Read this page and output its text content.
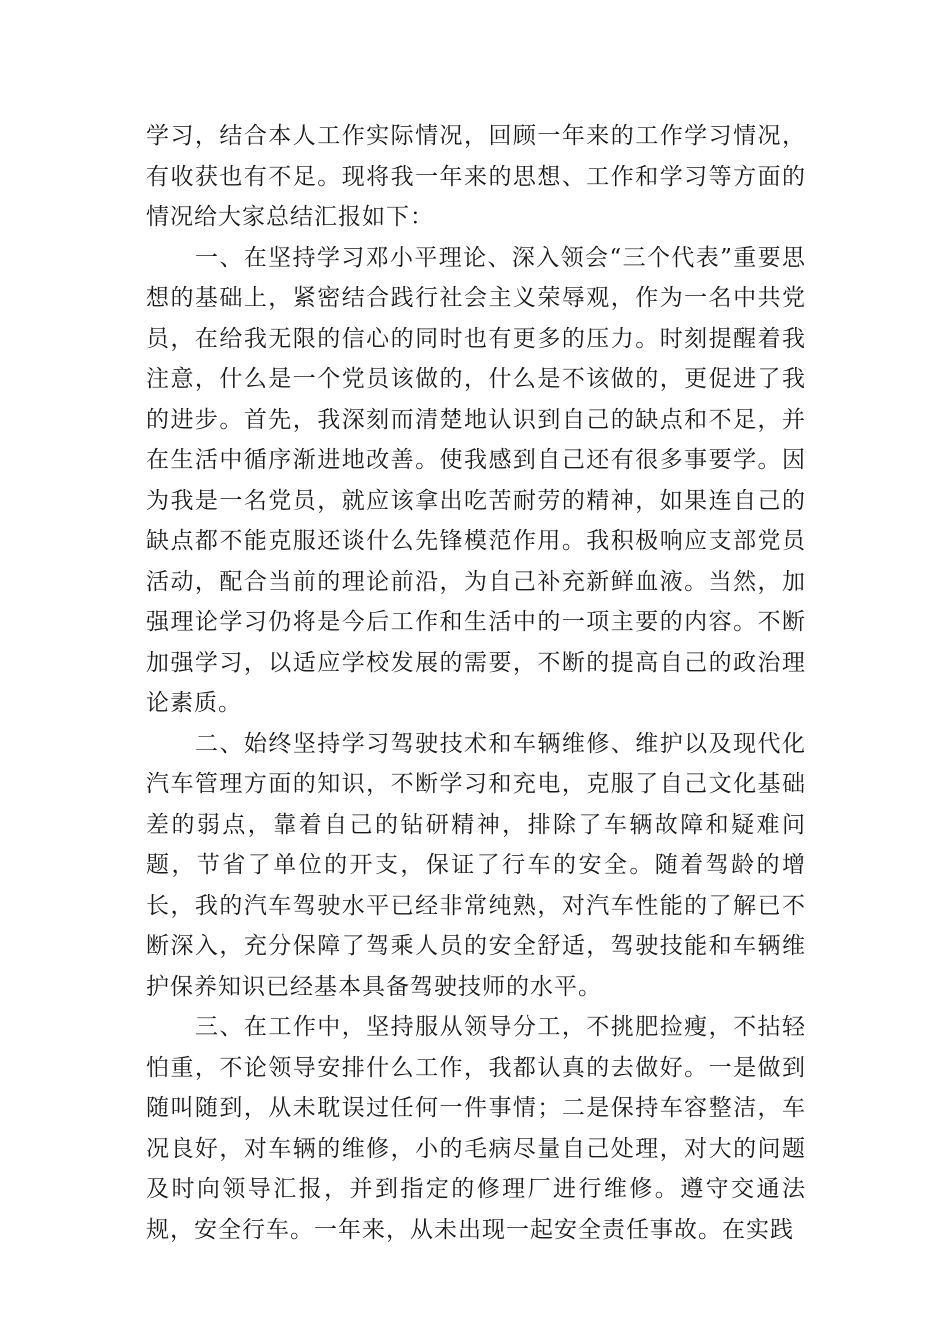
学习，结合本人工作实际情况，回顾一年来的工作学习情况，有收获也有不足。现将我一年来的思想、工作和学习等方面的情况给大家总结汇报如下：

一、在坚持学习邓小平理论、深入领会“三个代表”重要思想的基础上，紧密结合践行社会主义荣辱观，作为一名中共党员，在给我无限的信心的同时也有更多的压力。时刻提醒着我注意，什么是一个党员该做的，什么是不该做的，更促进了我的进步。首先，我深刻而清楚地认识到自己的缺点和不足，并在生活中循序渐进地改善。使我感到自己还有很多事要学。因为我是一名党员，就应该拿出吃苦耐劳的精神，如果连自己的缺点都不能克服还谈什么先锋模范作用。我积极响应支部党员活动，配合当前的理论前沿，为自己补充新鲜血液。当然，加强理论学习仍将是今后工作和生活中的一项主要的内容。不断加强学习，以适应学校发展的需要，不断的提高自己的政治理论素质。

二、始终坚持学习驾驶技术和车辆维修、维护以及现代化汽车管理方面的知识，不断学习和充电，克服了自己文化基础差的弱点，靠着自己的钻研精神，排除了车辆故障和疑难问题，节省了单位的开支，保证了行车的安全。随着驾龄的增长，我的汽车驾驶水平已经非常纯熟，对汽车性能的了解已不断深入，充分保障了驾乘人员的安全舒适，驾驶技能和车辆维护保养知识已经基本具备驾驶技师的水平。

三、在工作中，坚持服从领导分工，不挑肥捡瘦，不拈轻怕重，不论领导安排什么工作，我都认真的去做好。一是做到随叫随到，从未耽误过任何一件事情；二是保持车容整洁，车况良好，对车辆的维修，小的毛病尽量自己处理，对大的问题及时向领导汇报，并到指定的修理厂进行维修。遵守交通法规，安全行车。一年来，从未出现一起安全责任事故。在实践
